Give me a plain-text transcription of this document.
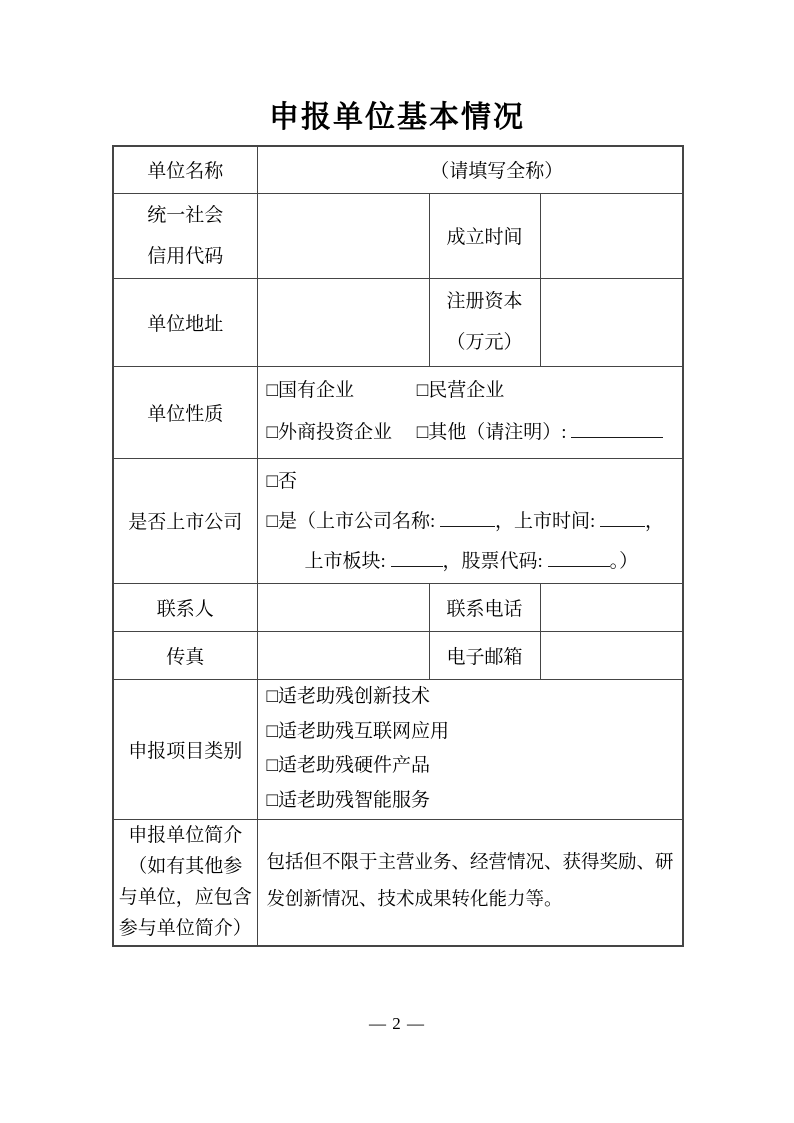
申报单位基本情况
单位名称	（请填写全称）		

统一社会
信用代码		成立时间	
单位地址		注册资本
（万元）	

单位性质	□国有企业 □民营企业
□外商投资企业 □其他（请注明）:		

是否上市公司	□否
□是（上市公司名称: ，上市时间: ，
上市板块: ，股票代码: 。）		

联系人		联系电话	
传真		电子邮箱	
申报项目类别	□适老助残创新技术
□适老助残互联网应用
□适老助残硬件产品
□适老助残智能服务		

申报单位简介
（如有其他参
与单位，应包含
参与单位简介）	包括但不限于主营业务、经营情况、获得奖励、研发创新情况、技术成果转化能力等。		
— 2 —
